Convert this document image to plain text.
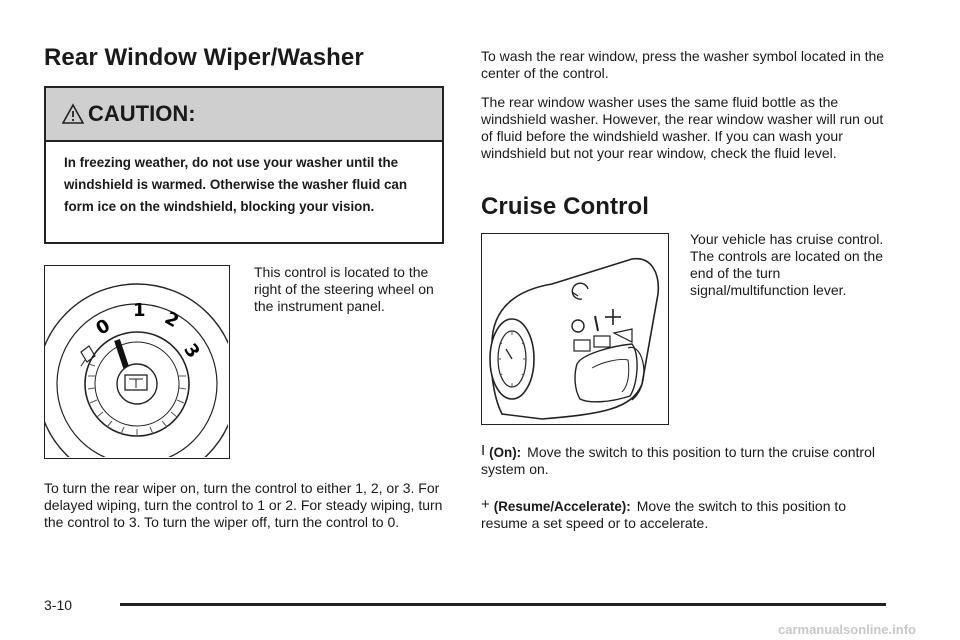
Rear Window Wiper/Washer
CAUTION:

In freezing weather, do not use your washer until the windshield is warmed. Otherwise the washer fluid can form ice on the windshield, blocking your vision.

0
1 2
3

This control is located to the right of the steering wheel on the instrument panel.

To turn the rear wiper on, turn the control to either 1, 2, or 3. For delayed wiping, turn the control to 1 or 2. For steady wiping, turn the control to 3. To turn the wiper off, turn the control to 0.

To wash the rear window, press the washer symbol located in the center of the control.

The rear window washer uses the same fluid bottle as the windshield washer. However, the rear window washer will run out of fluid before the windshield washer. If you can wash your windshield but not your rear window, check the fluid level.

Cruise Control

Your vehicle has cruise control. The controls are located on the end of the turn signal/multifunction lever.

I (On): Move the switch to this position to turn the cruise control system on.

+ (Resume/Accelerate): Move the switch to this position to resume a set speed or to accelerate.

3-10
carmanualsonline.info
